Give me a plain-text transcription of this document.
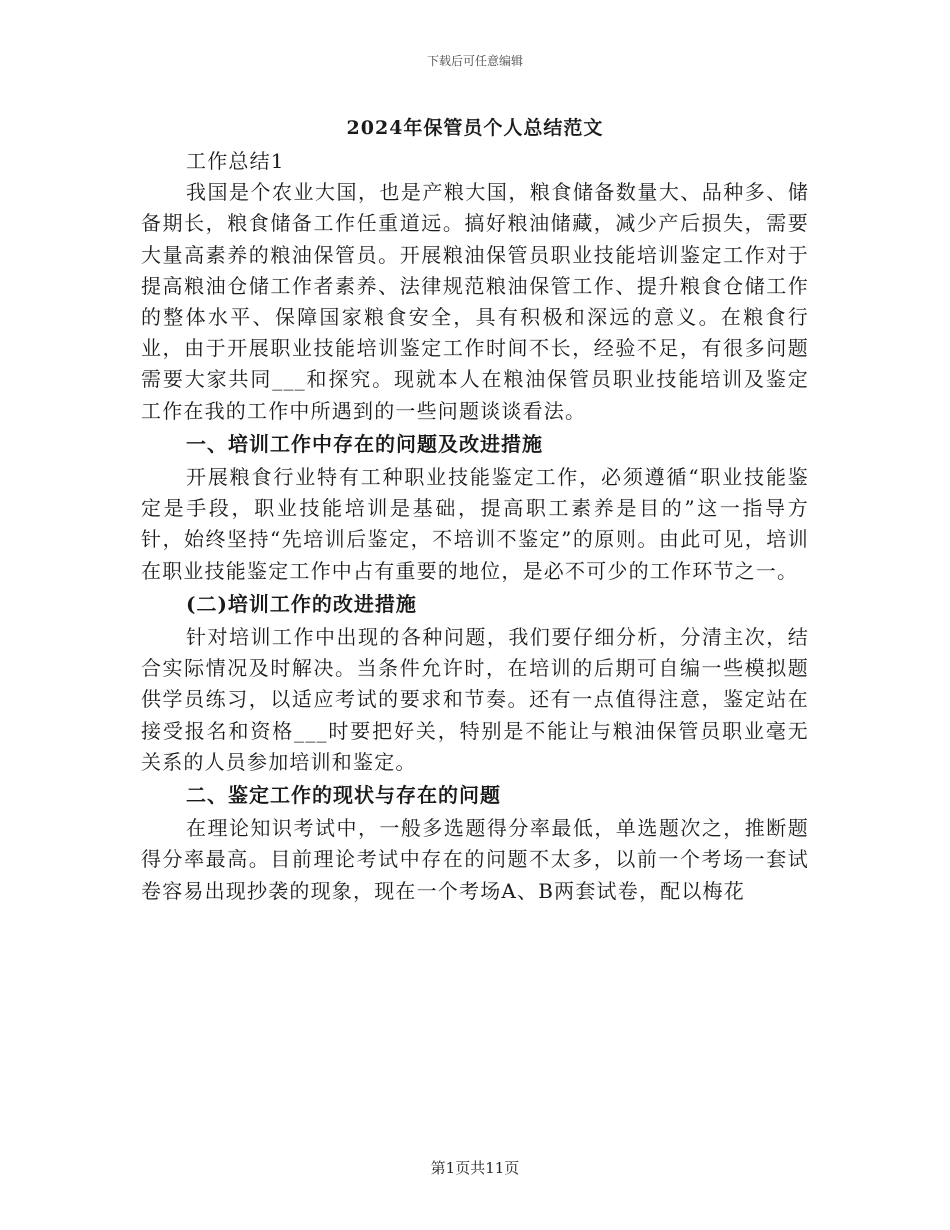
下载后可任意编辑
2024年保管员个人总结范文

工作总结1

我国是个农业大国，也是产粮大国，粮食储备数量大、品种多、储备期长，粮食储备工作任重道远。搞好粮油储藏，减少产后损失，需要大量高素养的粮油保管员。开展粮油保管员职业技能培训鉴定工作对于提高粮油仓储工作者素养、法律规范粮油保管工作、提升粮食仓储工作的整体水平、保障国家粮食安全，具有积极和深远的意义。在粮食行业，由于开展职业技能培训鉴定工作时间不长，经验不足，有很多问题需要大家共同___和探究。现就本人在粮油保管员职业技能培训及鉴定工作在我的工作中所遇到的一些问题谈谈看法。

一、培训工作中存在的问题及改进措施

开展粮食行业特有工种职业技能鉴定工作，必须遵循“职业技能鉴定是手段，职业技能培训是基础，提高职工素养是目的”这一指导方针，始终坚持“先培训后鉴定，不培训不鉴定”的原则。由此可见，培训在职业技能鉴定工作中占有重要的地位，是必不可少的工作环节之一。

(二)培训工作的改进措施

针对培训工作中出现的各种问题，我们要仔细分析，分清主次，结合实际情况及时解决。当条件允许时，在培训的后期可自编一些模拟题供学员练习，以适应考试的要求和节奏。还有一点值得注意，鉴定站在接受报名和资格___时要把好关，特别是不能让与粮油保管员职业毫无关系的人员参加培训和鉴定。

二、鉴定工作的现状与存在的问题

在理论知识考试中，一般多选题得分率最低，单选题次之，推断题得分率最高。目前理论考试中存在的问题不太多，以前一个考场一套试卷容易出现抄袭的现象，现在一个考场A、B两套试卷，配以梅花

第1页共11页
